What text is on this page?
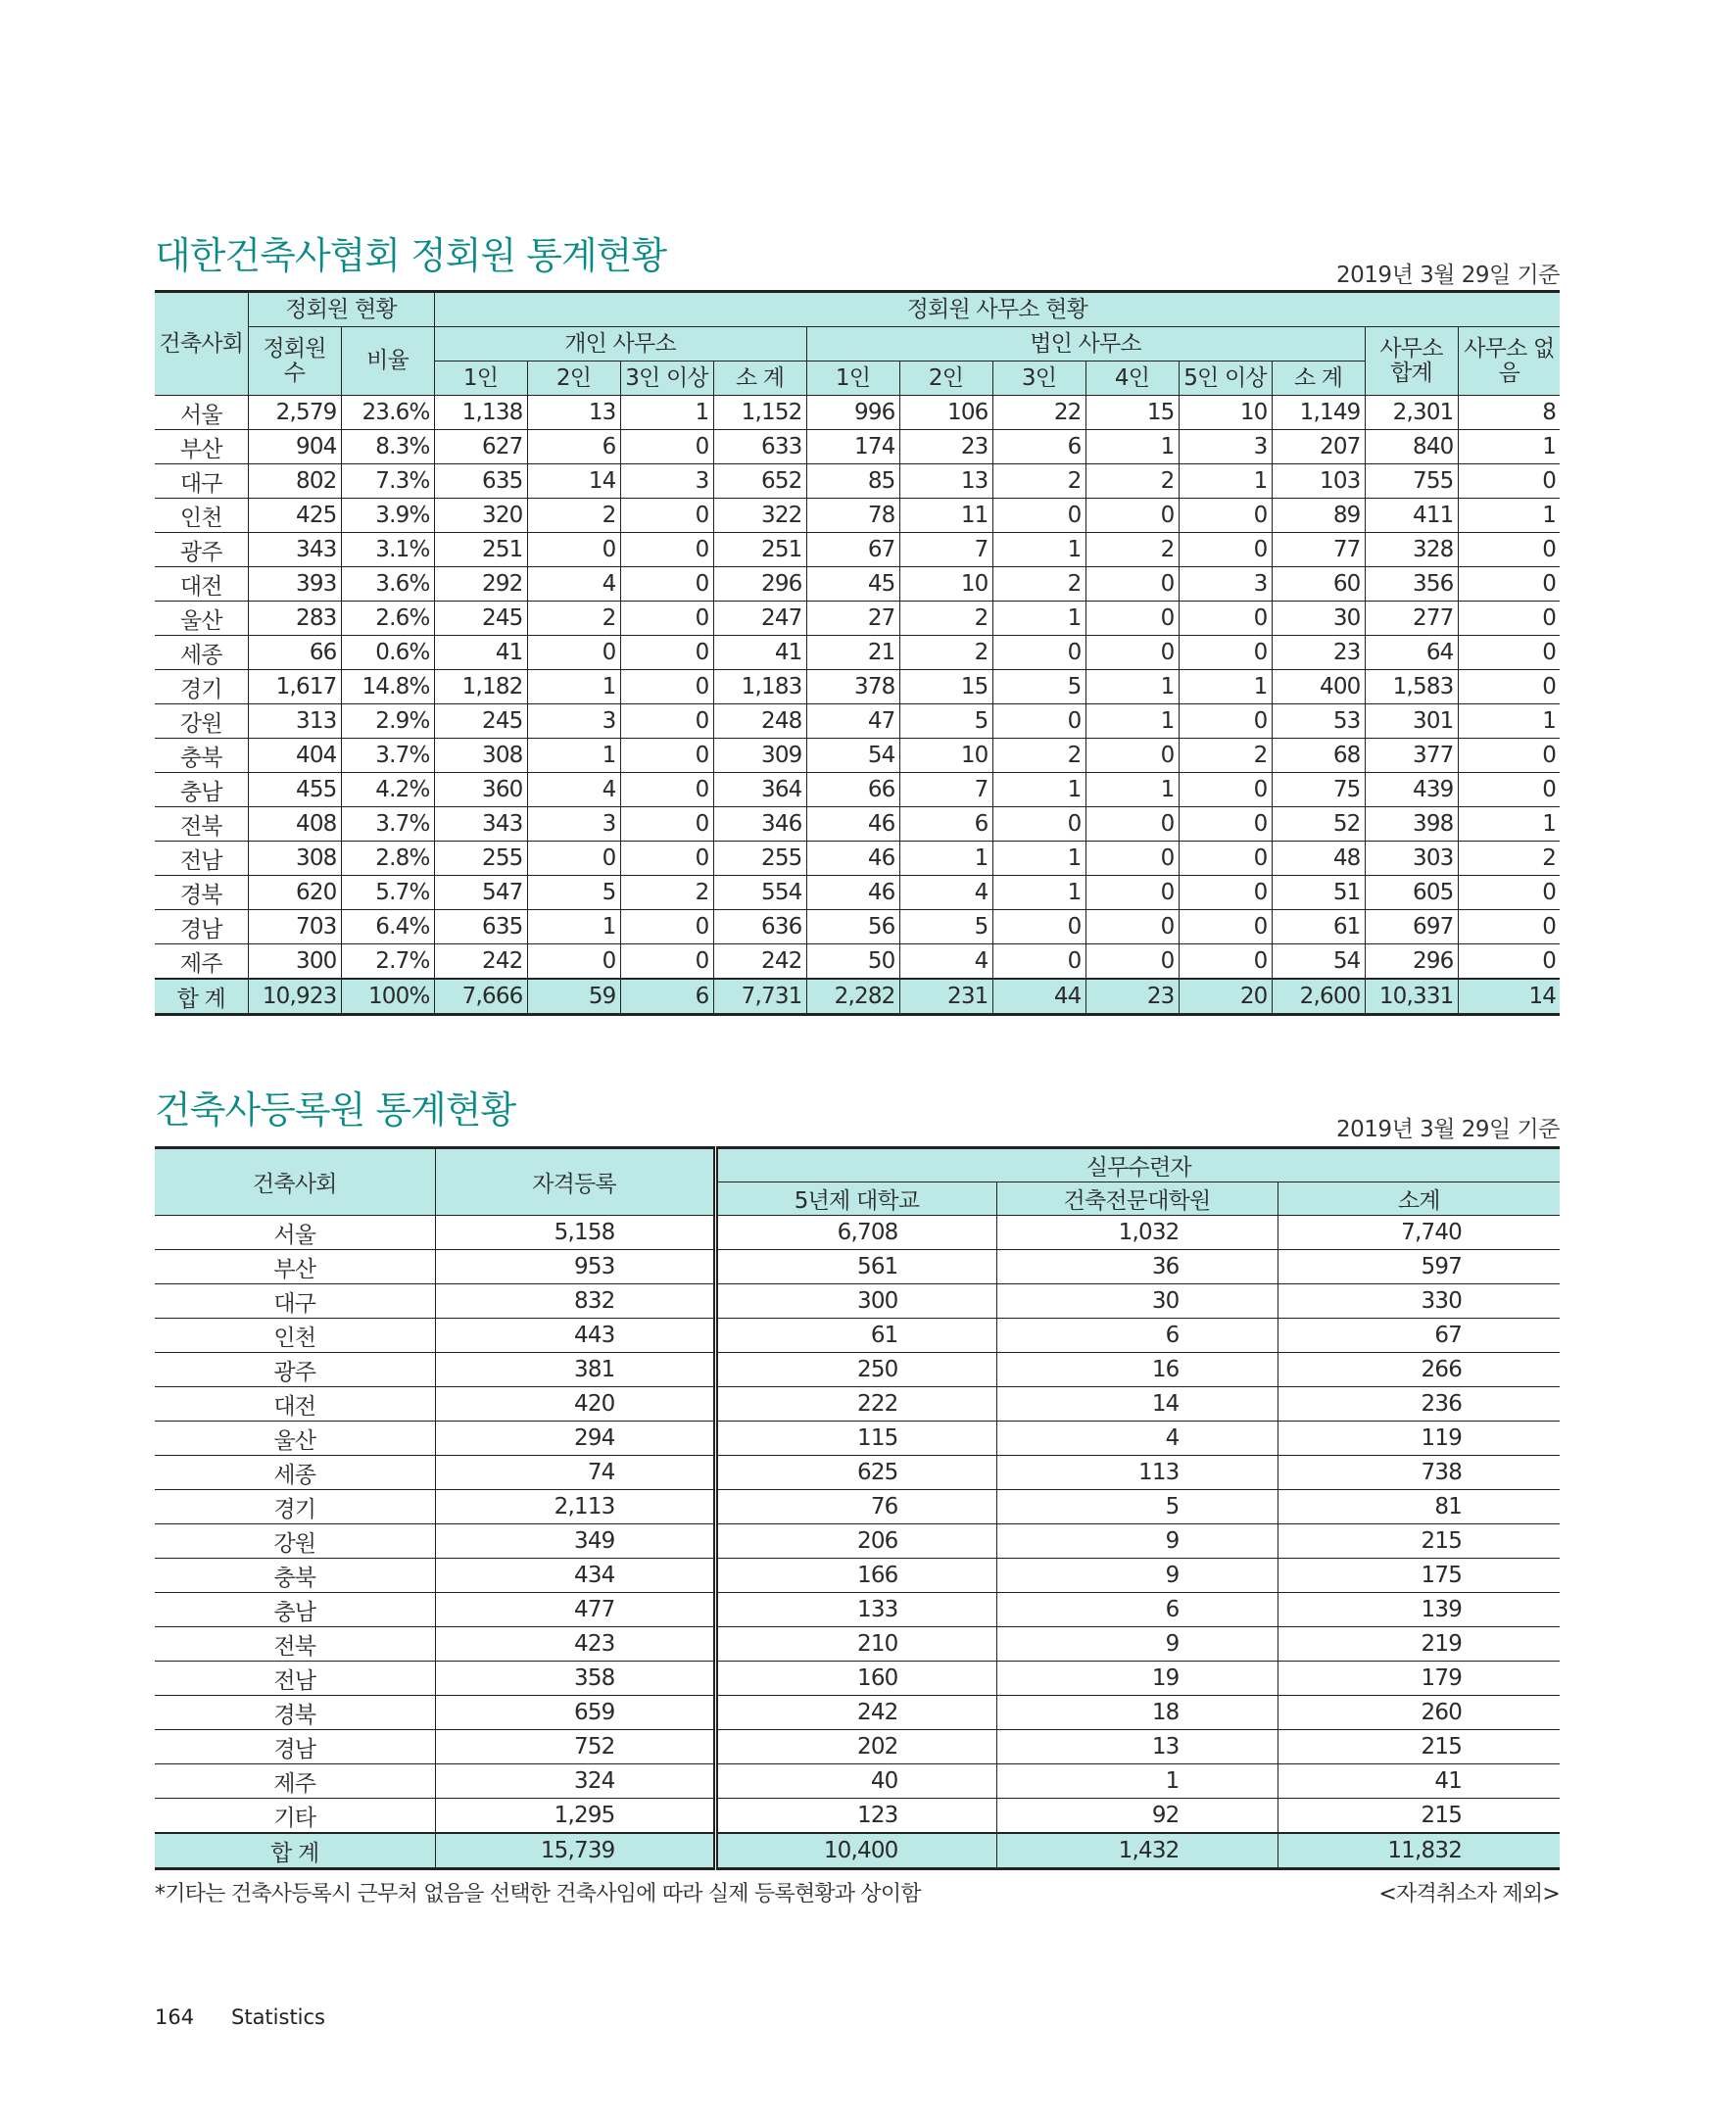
대한건축사협회 정회원 통계현황	2019년 3월 29일 기준
건축사회	정회원 현황		정회원 사무소 현황											
	정회원 수	비율	개인 사무소				법인 사무소						사무소 합계	사무소 없음
			1인	2인	3인 이상	소 계	1인	2인	3인	4인	5인 이상	소 계		
서울	2,579	23.6%	1,138	13	1	1,152	996	106	22	15	10	1,149	2,301	8
부산	904	8.3%	627	6	0	633	174	23	6	1	3	207	840	1
대구	802	7.3%	635	14	3	652	85	13	2	2	1	103	755	0
인천	425	3.9%	320	2	0	322	78	11	0	0	0	89	411	1
광주	343	3.1%	251	0	0	251	67	7	1	2	0	77	328	0
대전	393	3.6%	292	4	0	296	45	10	2	0	3	60	356	0
울산	283	2.6%	245	2	0	247	27	2	1	0	0	30	277	0
세종	66	0.6%	41	0	0	41	21	2	0	0	0	23	64	0
경기	1,617	14.8%	1,182	1	0	1,183	378	15	5	1	1	400	1,583	0
강원	313	2.9%	245	3	0	248	47	5	0	1	0	53	301	1
충북	404	3.7%	308	1	0	309	54	10	2	0	2	68	377	0
충남	455	4.2%	360	4	0	364	66	7	1	1	0	75	439	0
전북	408	3.7%	343	3	0	346	46	6	0	0	0	52	398	1
전남	308	2.8%	255	0	0	255	46	1	1	0	0	48	303	2
경북	620	5.7%	547	5	2	554	46	4	1	0	0	51	605	0
경남	703	6.4%	635	1	0	636	56	5	0	0	0	61	697	0
제주	300	2.7%	242	0	0	242	50	4	0	0	0	54	296	0
합 계	10,923	100%	7,666	59	6	7,731	2,282	231	44	23	20	2,600	10,331	14
건축사등록원 통계현황	2019년 3월 29일 기준
건축사회	자격등록	실무수련자		
		5년제 대학교	건축전문대학원	소계
서울	5,158	6,708	1,032	7,740
부산	953	561	36	597
대구	832	300	30	330
인천	443	61	6	67
광주	381	250	16	266
대전	420	222	14	236
울산	294	115	4	119
세종	74	625	113	738
경기	2,113	76	5	81
강원	349	206	9	215
충북	434	166	9	175
충남	477	133	6	139
전북	423	210	9	219
전남	358	160	19	179
경북	659	242	18	260
경남	752	202	13	215
제주	324	40	1	41
기타	1,295	123	92	215
합 계	15,739	10,400	1,432	11,832
*기타는 건축사등록시 근무처 없음을 선택한 건축사임에 따라 실제 등록현황과 상이함	<자격취소자 제외>
164 Statistics
